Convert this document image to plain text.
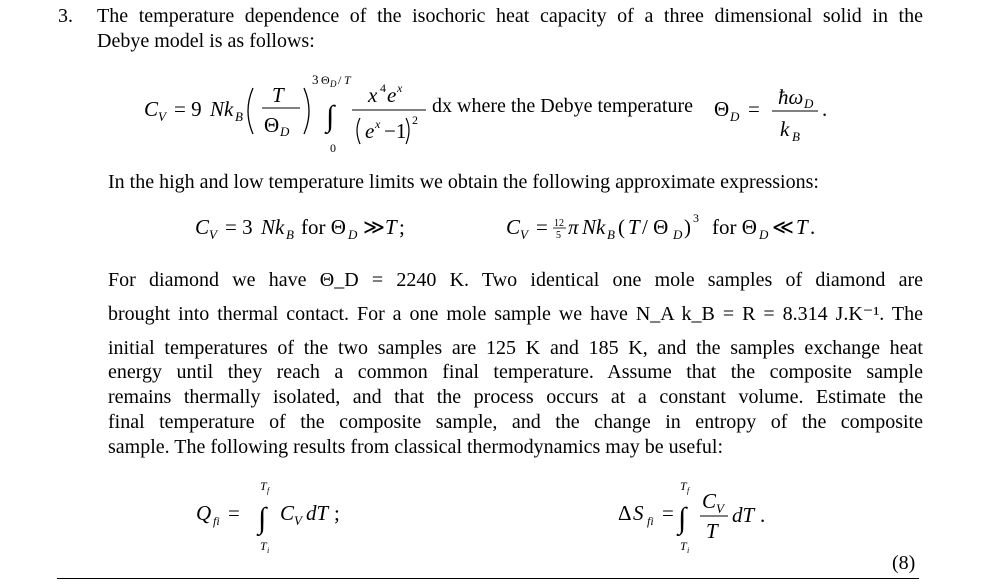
3. The temperature dependence of the isochoric heat capacity of a three dimensional solid in the
Debye model is as follows:
C V = 9 Nk B
T
Θ D
3 Θ D / T
∫
0
x 4 e x
e x −1 2
dx where the Debye temperature Θ D = ħω D
k B
.
In the high and low temperature limits we obtain the following approximate expressions:
C V = 3 Nk B for Θ D ≫ T ;	C V = 12
5 π Nk B ( T / Θ D ) 3 for Θ D ≪ T .
For diamond we have Θ_D = 2240 K. Two identical one mole samples of diamond are
brought into thermal contact. For a one mole sample we have N_A k_B = R = 8.314 J.K⁻¹. The
initial temperatures of the two samples are 125 K and 185 K, and the samples exchange heat
energy until they reach a common final temperature. Assume that the composite sample
remains thermally isolated, and that the process occurs at a constant volume. Estimate the
final temperature of the composite sample, and the change in entropy of the composite
sample. The following results from classical thermodynamics may be useful:
Q fi =
T f
∫
T i
C V dT ;	Δ S fi =
T f
∫
T i
C V
T
dT .
(8)
